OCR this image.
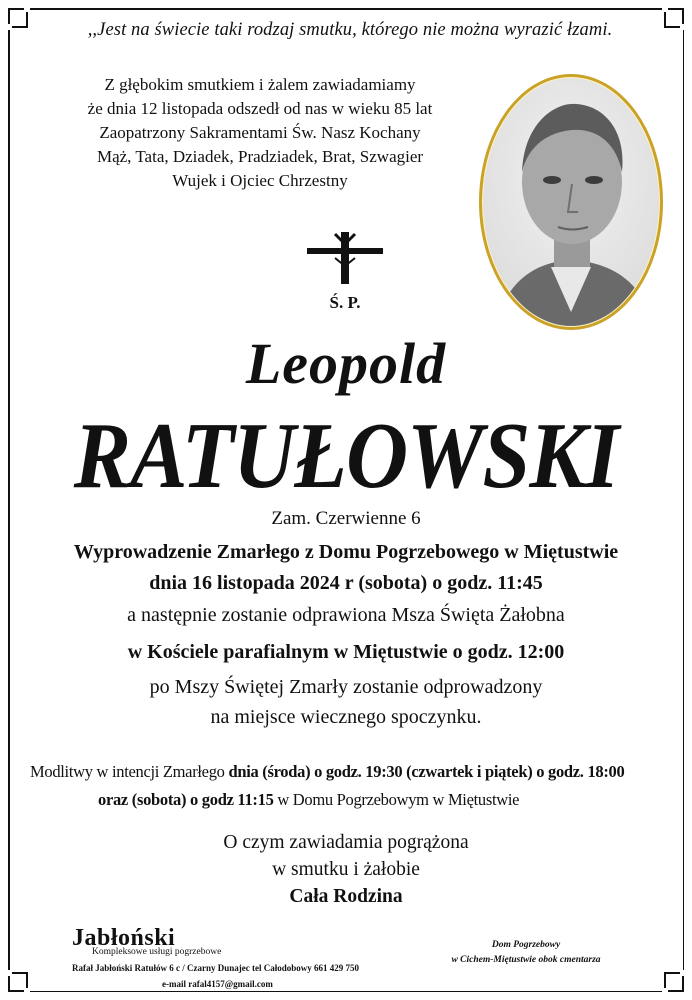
,,Jest na świecie taki rodzaj smutku, którego nie można wyrazić łzami.
Z głębokim smutkiem i żalem zawiadamiamy
że dnia 12 listopada odszedł od nas w wieku 85 lat
Zaopatrzony Sakramentami Św. Nasz Kochany
Mąż, Tata, Dziadek, Pradziadek, Brat, Szwagier
Wujek i Ojciec Chrzestny
Ś. P.
Leopold
RATUŁOWSKI
Zam. Czerwienne 6
Wyprowadzenie Zmarłego z Domu Pogrzebowego w Miętustwie
dnia 16 listopada 2024 r (sobota) o godz. 11:45
a następnie zostanie odprawiona Msza Święta Żałobna
w Kościele parafialnym w Miętustwie o godz. 12:00
po Mszy Świętej Zmarły zostanie odprowadzony
na miejsce wiecznego spoczynku.
Modlitwy w intencji Zmarłego dnia (środa) o godz. 19:30 (czwartek i piątek) o godz. 18:00
oraz (sobota) o godz 11:15 w Domu Pogrzebowym w Miętustwie
O czym zawiadamia pogrążona
w smutku i żałobie
Cała Rodzina
Jabłoński
Kompleksowe usługi pogrzebowe
Rafał Jabłoński Ratułów 6 c / Czarny Dunajec tel Całodobowy 661 429 750
e-mail rafal4157@gmail.com
Dom Pogrzebowy
w Cichem-Miętustwie obok cmentarza
